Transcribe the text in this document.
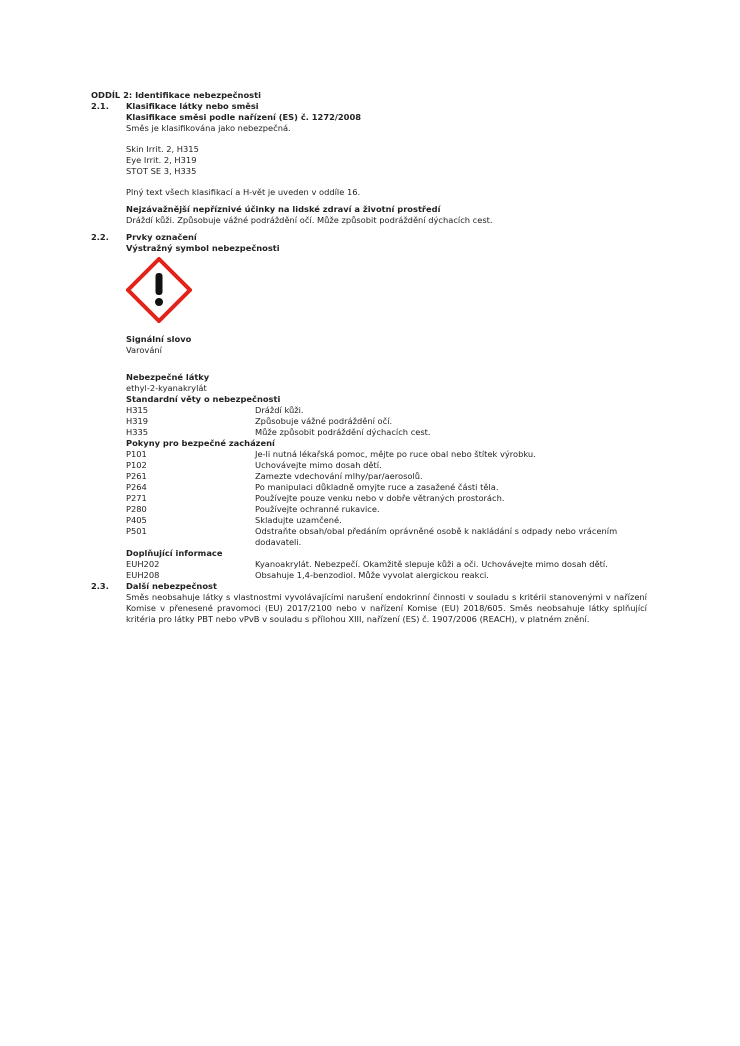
ODDÍL 2: Identifikace nebezpečnosti
2.1.	Klasifikace látky nebo směsi
Klasifikace směsi podle nařízení (ES) č. 1272/2008
Směs je klasifikována jako nebezpečná.
Skin Irrit. 2, H315
Eye Irrit. 2, H319
STOT SE 3, H335
Plný text všech klasifikací a H-vět je uveden v oddíle 16.
Nejzávažnější nepříznivé účinky na lidské zdraví a životní prostředí
Dráždí kůži. Způsobuje vážné podráždění očí. Může způsobit podráždění dýchacích cest.
2.2.	Prvky označení
Výstražný symbol nebezpečnosti
Signální slovo
Varování
Nebezpečné látky
ethyl-2-kyanakrylát
Standardní věty o nebezpečnosti
H315	Dráždí kůži.
H319	Způsobuje vážné podráždění očí.
H335	Může způsobit podráždění dýchacích cest.
Pokyny pro bezpečné zacházení
P101	Je-li nutná lékařská pomoc, mějte po ruce obal nebo štítek výrobku.
P102	Uchovávejte mimo dosah dětí.
P261	Zamezte vdechování mlhy/par/aerosolů.
P264	Po manipulaci důkladně omyjte ruce a zasažené části těla.
P271	Používejte pouze venku nebo v dobře větraných prostorách.
P280	Používejte ochranné rukavice.
P405	Skladujte uzamčené.
P501	Odstraňte obsah/obal předáním oprávněné osobě k nakládání s odpady nebo vrácením dodavateli.
Doplňující informace
EUH202	Kyanoakrylát. Nebezpečí. Okamžitě slepuje kůži a oči. Uchovávejte mimo dosah dětí.
EUH208	Obsahuje 1,4-benzodiol. Může vyvolat alergickou reakci.
2.3.	Další nebezpečnost
Směs neobsahuje látky s vlastnostmi vyvolávajícími narušení endokrinní činnosti v souladu s kritérii stanovenými v nařízení Komise v přenesené pravomoci (EU) 2017/2100 nebo v nařízení Komise (EU) 2018/605. Směs neobsahuje látky splňující kritéria pro látky PBT nebo vPvB v souladu s přílohou XIII, nařízení (ES) č. 1907/2006 (REACH), v platném znění.
